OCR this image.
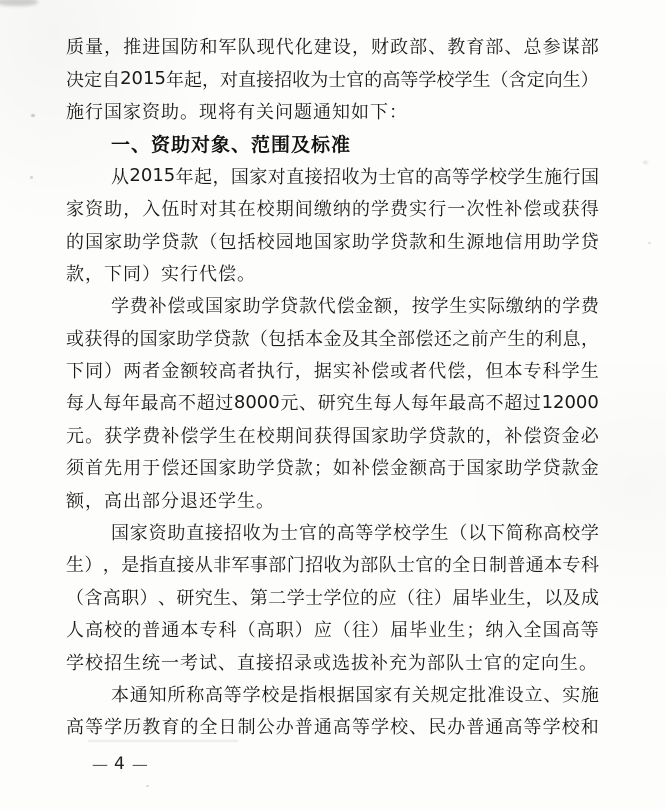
质 量 ， 推 进 国 防 和 军 队 现 代 化 建 设 ， 财 政 部 、 教 育 部 、 总 参 谋 部
决 定 自 2015 年 起 ， 对 直 接 招 收 为 士 官 的 高 等 学 校 学 生 （ 含 定 向 生 ）
施行国家资助。现将有关问题通知如下：
一、资助对象、范围及标准
从 2015 年 起 ， 国 家 对 直 接 招 收 为 士 官 的 高 等 学 校 学 生 施 行 国
家 资 助 ， 入 伍 时 对 其 在 校 期 间 缴 纳 的 学 费 实 行 一 次 性 补 偿 或 获 得
的 国 家 助 学 贷 款 （ 包 括 校 园 地 国 家 助 学 贷 款 和 生 源 地 信 用 助 学 贷
款，下同）实行代偿。
学 费 补 偿 或 国 家 助 学 贷 款 代 偿 金 额 ， 按 学 生 实 际 缴 纳 的 学 费
或 获 得 的 国 家 助 学 贷 款 （ 包 括 本 金 及 其 全 部 偿 还 之 前 产 生 的 利 息 ，
下 同 ） 两 者 金 额 较 高 者 执 行 ， 据 实 补 偿 或 者 代 偿 ， 但 本 专 科 学 生
每 人 每 年 最 高 不 超 过 8000 元 、 研 究 生 每 人 每 年 最 高 不 超 过 12000
元 。 获 学 费 补 偿 学 生 在 校 期 间 获 得 国 家 助 学 贷 款 的 ， 补 偿 资 金 必
须 首 先 用 于 偿 还 国 家 助 学 贷 款 ； 如 补 偿 金 额 高 于 国 家 助 学 贷 款 金
额，高出部分退还学生。
国 家 资 助 直 接 招 收 为 士 官 的 高 等 学 校 学 生 （ 以 下 简 称 高 校 学
生 ） ， 是 指 直 接 从 非 军 事 部 门 招 收 为 部 队 士 官 的 全 日 制 普 通 本 专 科
（ 含 高 职 ） 、 研 究 生 、 第 二 学 士 学 位 的 应 （ 往 ） 届 毕 业 生 ， 以 及 成
人 高 校 的 普 通 本 专 科 （ 高 职 ） 应 （ 往 ） 届 毕 业 生 ； 纳 入 全 国 高 等
学校招生统一考试、直接招录或选拔补充为部队士官的定向生。
本 通 知 所 称 高 等 学 校 是 指 根 据 国 家 有 关 规 定 批 准 设 立 、 实 施
高 等 学 历 教 育 的 全 日 制 公 办 普 通 高 等 学 校 、 民 办 普 通 高 等 学 校 和
— 4 —
